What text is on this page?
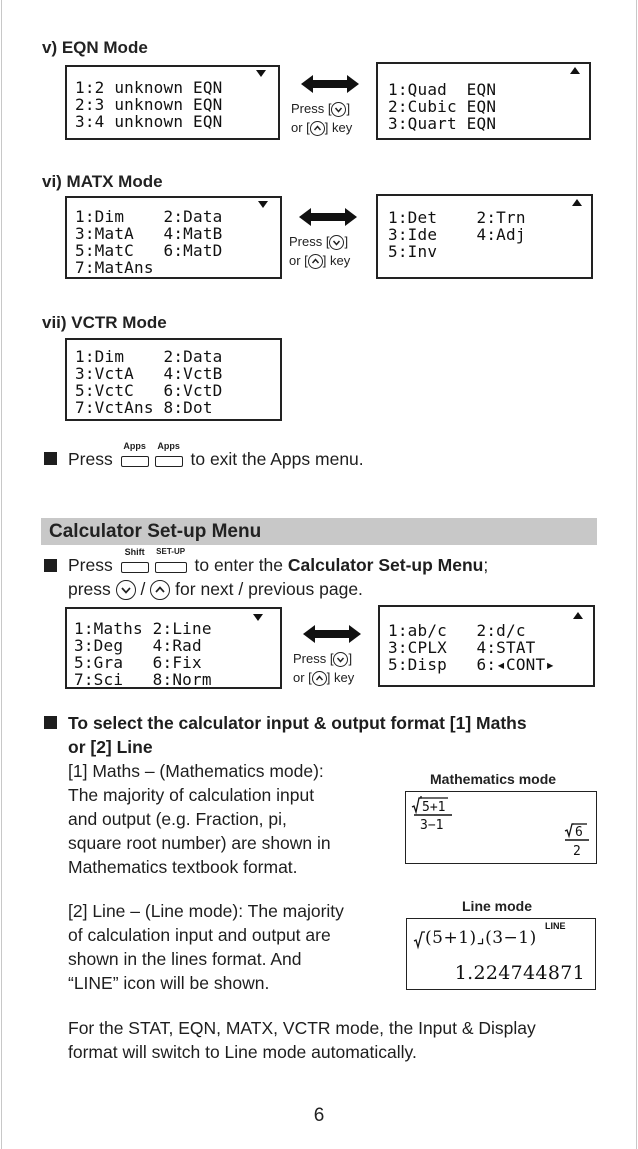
v) EQN Mode
1:2 unknown EQN
2:3 unknown EQN
3:4 unknown EQN
Press [ ]
or [ ] key
1:Quad  EQN
2:Cubic EQN
3:Quart EQN
vi) MATX Mode
1:Dim    2:Data
3:MatA   4:MatB
5:MatC   6:MatD
7:MatAns
Press [ ]
or [ ] key
1:Det    2:Trn
3:Ide    4:Adj
5:Inv
vii) VCTR Mode
1:Dim    2:Data
3:VctA   4:VctB
5:VctC   6:VctD
7:VctAns 8:Dot
Press
Apps	Apps
to exit the Apps menu.
Calculator Set-up Menu
Press
Shift	SET-UP
to enter the Calculator Set-up Menu;
press / for next / previous page.
1:Maths 2:Line
3:Deg   4:Rad
5:Gra   6:Fix
7:Sci   8:Norm
Press [ ]
or [ ] key
1:ab/c   2:d/c
3:CPLX   4:STAT
5:Disp   6:◂CONT▸
To select the calculator input & output format [1] Maths
or [2] Line
[1] Maths – (Mathematics mode):
The majority of calculation input
and output (e.g. Fraction, pi,
square root number) are shown in
Mathematics textbook format.
Mathematics mode
5+1
3−1	6
2
[2] Line – (Line mode): The majority
of calculation input and output are
shown in the lines format. And
“LINE” icon will be shown.
Line mode
LINE
(5+1)⌟(3−1)
1.224744871
For the STAT, EQN, MATX, VCTR mode, the Input & Display
format will switch to Line mode automatically.
6
